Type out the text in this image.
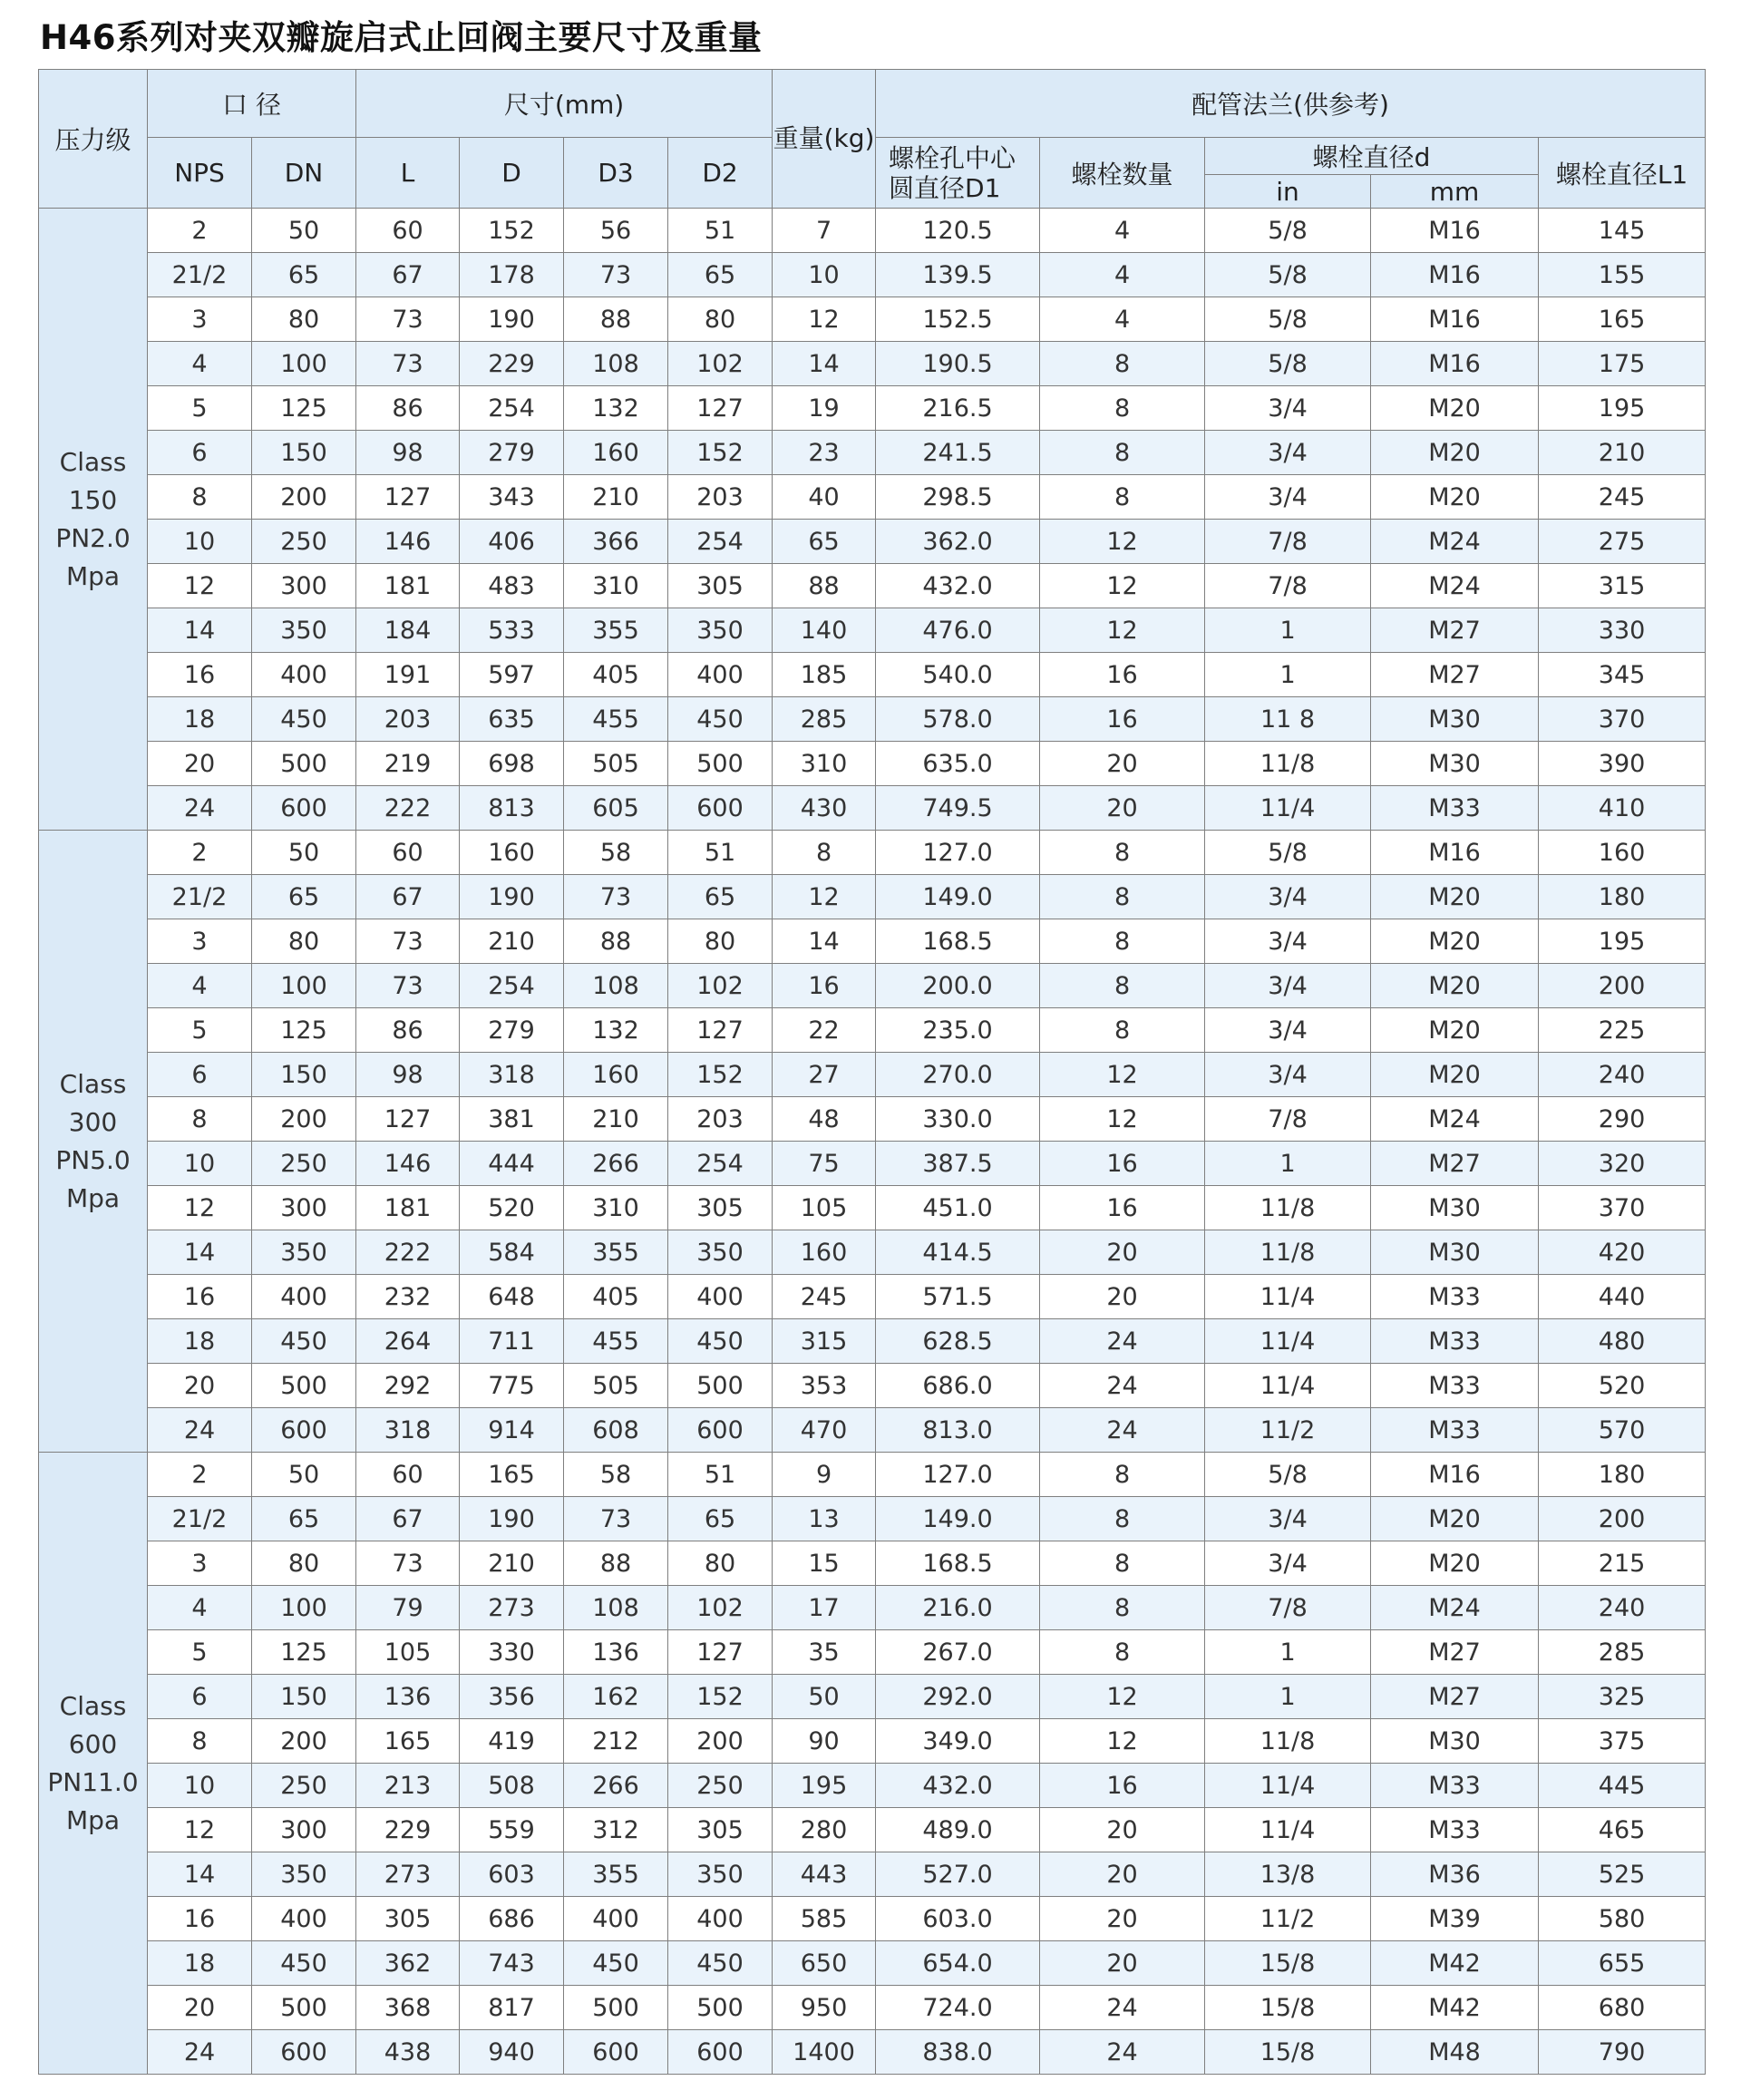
H46系列对夹双瓣旋启式止回阀主要尺寸及重量
压力级	口 径		尺寸(mm)				重量(kg)	配管法兰(供参考)				
	NPS	DN	L	D	D3	D2		螺栓孔中心圆直径D1	螺栓数量	螺栓直径d		螺栓直径L1
										in	mm	
Class 150 PN2.0 Mpa	2	50	60	152	56	51	7	120.5	4	5/8	M16	145
	21/2	65	67	178	73	65	10	139.5	4	5/8	M16	155
	3	80	73	190	88	80	12	152.5	4	5/8	M16	165
	4	100	73	229	108	102	14	190.5	8	5/8	M16	175
	5	125	86	254	132	127	19	216.5	8	3/4	M20	195
	6	150	98	279	160	152	23	241.5	8	3/4	M20	210
	8	200	127	343	210	203	40	298.5	8	3/4	M20	245
	10	250	146	406	366	254	65	362.0	12	7/8	M24	275
	12	300	181	483	310	305	88	432.0	12	7/8	M24	315
	14	350	184	533	355	350	140	476.0	12	1	M27	330
	16	400	191	597	405	400	185	540.0	16	1	M27	345
	18	450	203	635	455	450	285	578.0	16	11 8	M30	370
	20	500	219	698	505	500	310	635.0	20	11/8	M30	390
	24	600	222	813	605	600	430	749.5	20	11/4	M33	410
Class 300 PN5.0 Mpa	2	50	60	160	58	51	8	127.0	8	5/8	M16	160
	21/2	65	67	190	73	65	12	149.0	8	3/4	M20	180
	3	80	73	210	88	80	14	168.5	8	3/4	M20	195
	4	100	73	254	108	102	16	200.0	8	3/4	M20	200
	5	125	86	279	132	127	22	235.0	8	3/4	M20	225
	6	150	98	318	160	152	27	270.0	12	3/4	M20	240
	8	200	127	381	210	203	48	330.0	12	7/8	M24	290
	10	250	146	444	266	254	75	387.5	16	1	M27	320
	12	300	181	520	310	305	105	451.0	16	11/8	M30	370
	14	350	222	584	355	350	160	414.5	20	11/8	M30	420
	16	400	232	648	405	400	245	571.5	20	11/4	M33	440
	18	450	264	711	455	450	315	628.5	24	11/4	M33	480
	20	500	292	775	505	500	353	686.0	24	11/4	M33	520
	24	600	318	914	608	600	470	813.0	24	11/2	M33	570
Class 600 PN11.0 Mpa	2	50	60	165	58	51	9	127.0	8	5/8	M16	180
	21/2	65	67	190	73	65	13	149.0	8	3/4	M20	200
	3	80	73	210	88	80	15	168.5	8	3/4	M20	215
	4	100	79	273	108	102	17	216.0	8	7/8	M24	240
	5	125	105	330	136	127	35	267.0	8	1	M27	285
	6	150	136	356	162	152	50	292.0	12	1	M27	325
	8	200	165	419	212	200	90	349.0	12	11/8	M30	375
	10	250	213	508	266	250	195	432.0	16	11/4	M33	445
	12	300	229	559	312	305	280	489.0	20	11/4	M33	465
	14	350	273	603	355	350	443	527.0	20	13/8	M36	525
	16	400	305	686	400	400	585	603.0	20	11/2	M39	580
	18	450	362	743	450	450	650	654.0	20	15/8	M42	655
	20	500	368	817	500	500	950	724.0	24	15/8	M42	680
	24	600	438	940	600	600	1400	838.0	24	15/8	M48	790
